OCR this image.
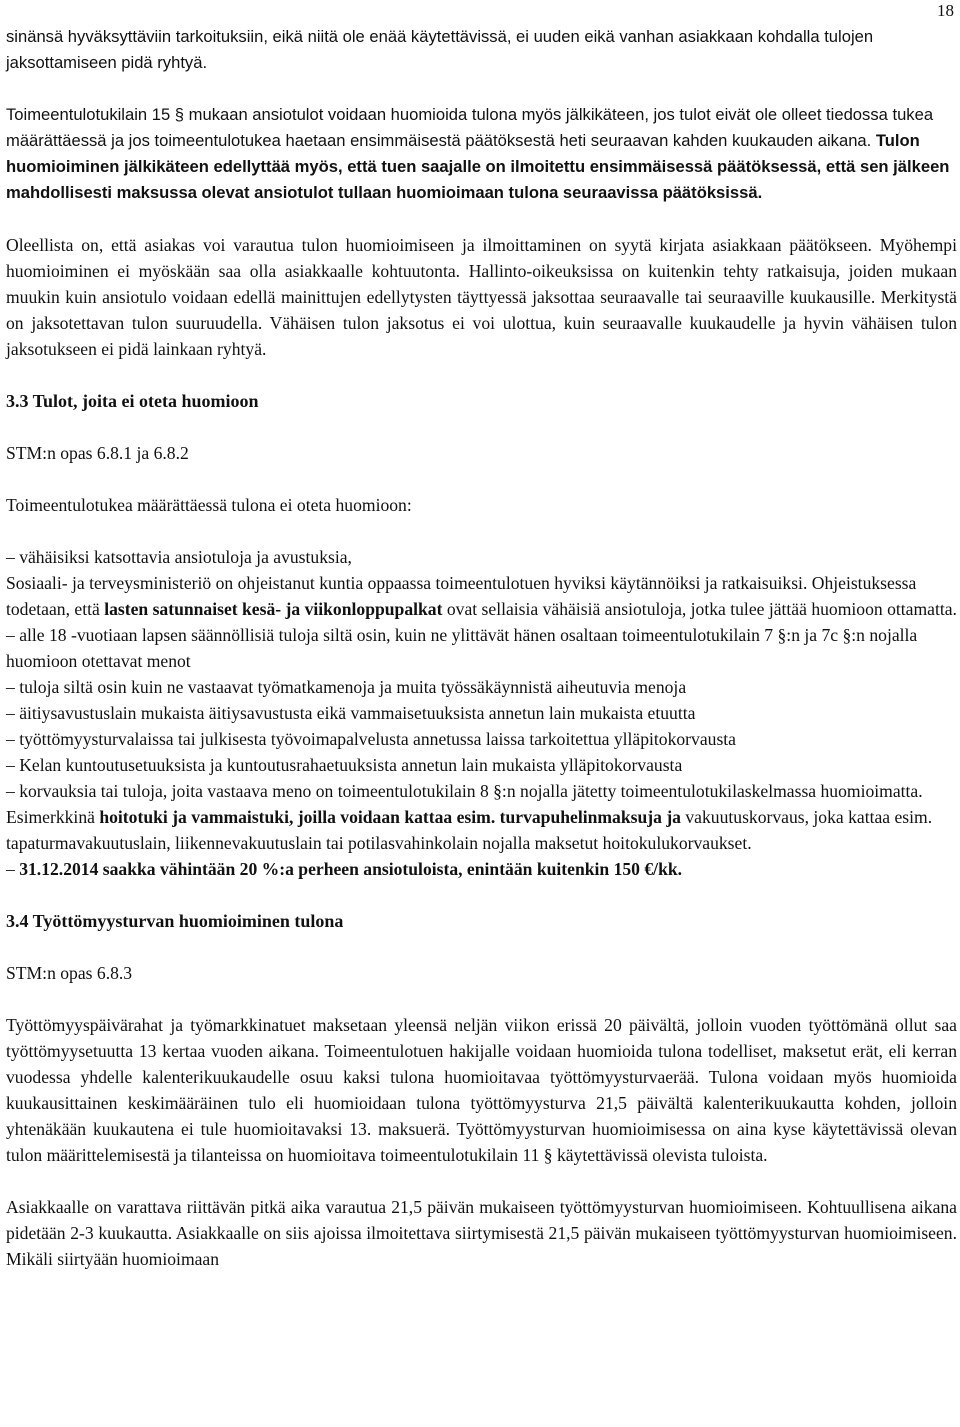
18

sinänsä hyväksyttäviin tarkoituksiin, eikä niitä ole enää käytettävissä, ei uuden eikä vanhan asiakkaan kohdalla tulojen jaksottamiseen pidä ryhtyä.

Toimeentulotukilain 15 § mukaan ansiotulot voidaan huomioida tulona myös jälkikäteen, jos tulot eivät ole olleet tiedossa tukea määrättäessä ja jos toimeentulotukea haetaan ensimmäisestä päätöksestä heti seuraavan kahden kuukauden aikana. Tulon huomioiminen jälkikäteen edellyttää myös, että tuen saajalle on ilmoitettu ensimmäisessä päätöksessä, että sen jälkeen mahdollisesti maksussa olevat ansiotulot tullaan huomioimaan tulona seuraavissa päätöksissä.

Oleellista on, että asiakas voi varautua tulon huomioimiseen ja ilmoittaminen on syytä kirjata asiakkaan päätökseen. Myöhempi huomioiminen ei myöskään saa olla asiakkaalle kohtuutonta. Hallinto-oikeuksissa on kuitenkin tehty ratkaisuja, joiden mukaan muukin kuin ansiotulo voidaan edellä mainittujen edellytysten täyttyessä jaksottaa seuraavalle tai seuraaville kuukausille. Merkitystä on jaksotettavan tulon suuruudella. Vähäisen tulon jaksotus ei voi ulottua, kuin seuraavalle kuukaudelle ja hyvin vähäisen tulon jaksotukseen ei pidä lainkaan ryhtyä.

3.3 Tulot, joita ei oteta huomioon

STM:n opas 6.8.1 ja 6.8.2

Toimeentulotukea määrättäessä tulona ei oteta huomioon:

– vähäisiksi katsottavia ansiotuloja ja avustuksia,

Sosiaali- ja terveysministeriö on ohjeistanut kuntia oppaassa toimeentulotuen hyviksi käytännöiksi ja ratkaisuiksi. Ohjeistuksessa todetaan, että lasten satunnaiset kesä- ja viikonloppupalkat ovat sellaisia vähäisiä ansiotuloja, jotka tulee jättää huomioon ottamatta.

– alle 18 -vuotiaan lapsen säännöllisiä tuloja siltä osin, kuin ne ylittävät hänen osaltaan toimeentulotukilain 7 §:n ja 7c §:n nojalla huomioon otettavat menot

– tuloja siltä osin kuin ne vastaavat työmatkamenoja ja muita työssäkäynnistä aiheutuvia menoja

– äitiysavustuslain mukaista äitiysavustusta eikä vammaisetuuksista annetun lain mukaista etuutta

– työttömyysturvalaissa tai julkisesta työvoimapalvelusta annetussa laissa tarkoitettua ylläpitokorvausta

– Kelan kuntoutusetuuksista ja kuntoutusrahaetuuksista annetun lain mukaista ylläpitokorvausta

– korvauksia tai tuloja, joita vastaava meno on toimeentulotukilain 8 §:n nojalla jätetty toimeentulotukilaskelmassa huomioimatta. Esimerkkinä hoitotuki ja vammaistuki, joilla voidaan kattaa esim. turvapuhelinmaksuja ja vakuutuskorvaus, joka kattaa esim. tapaturmavakuutuslain, liikennevakuutuslain tai potilasvahinkolain nojalla maksetut hoitokulukorvaukset.

– 31.12.2014 saakka vähintään 20 %:a perheen ansiotuloista, enintään kuitenkin 150 €/kk.

3.4 Työttömyysturvan huomioiminen tulona

STM:n opas 6.8.3

Työttömyyspäivärahat ja työmarkkinatuet maksetaan yleensä neljän viikon erissä 20 päivältä, jolloin vuoden työttömänä ollut saa työttömyysetuutta 13 kertaa vuoden aikana. Toimeentulotuen hakijalle voidaan huomioida tulona todelliset, maksetut erät, eli kerran vuodessa yhdelle kalenterikuukaudelle osuu kaksi tulona huomioitavaa työttömyysturvaerää. Tulona voidaan myös huomioida kuukausittainen keskimääräinen tulo eli huomioidaan tulona työttömyysturva 21,5 päivältä kalenterikuukautta kohden, jolloin yhtenäkään kuukautena ei tule huomioitavaksi 13. maksuerä. Työttömyysturvan huomioimisessa on aina kyse käytettävissä olevan tulon määrittelemisestä ja tilanteissa on huomioitava toimeentulotukilain 11 § käytettävissä olevista tuloista.

Asiakkaalle on varattava riittävän pitkä aika varautua 21,5 päivän mukaiseen työttömyysturvan huomioimiseen. Kohtuullisena aikana pidetään 2-3 kuukautta. Asiakkaalle on siis ajoissa ilmoitettava siirtymisestä 21,5 päivän mukaiseen työttömyysturvan huomioimiseen. Mikäli siirtyään huomioimaan
